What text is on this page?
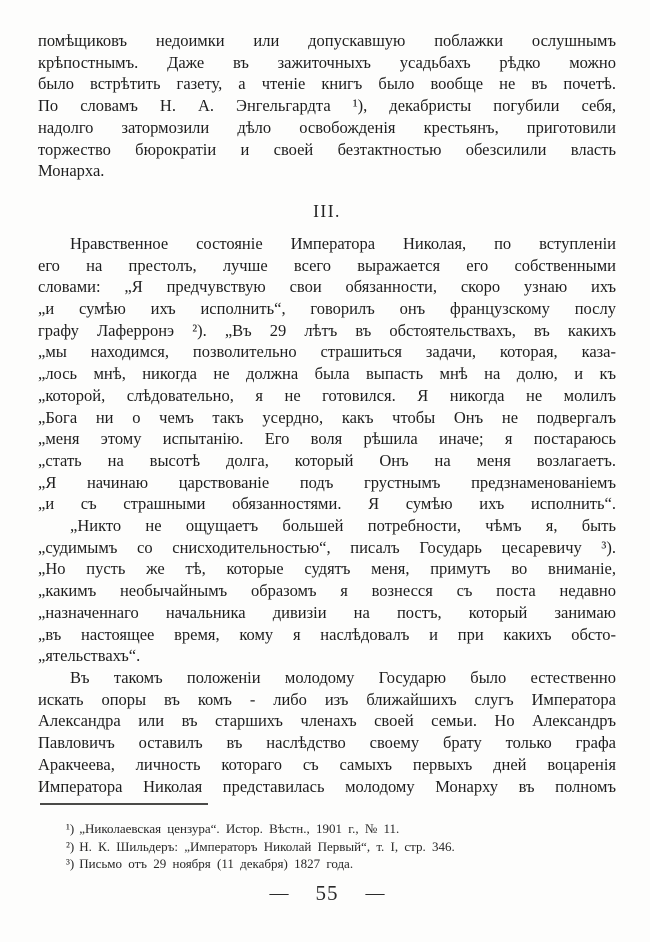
помѣщиковъ недоимки или допускавшую поблажки ослушнымъ
крѣпостнымъ. Даже въ зажиточныхъ усадьбахъ рѣдко можно
было встрѣтить газету, а чтеніе книгъ было вообще не въ почетѣ.
По словамъ Н. А. Энгельгардта ¹), декабристы погубили себя,
надолго затормозили дѣло освобожденія крестьянъ, приготовили
торжество бюрократіи и своей безтактностью обезсилили власть
Монарха.
III.
Нравственное состояніе Императора Николая, по вступленіи
его на престолъ, лучше всего выражается его собственными
словами: „Я предчувствую свои обязанности, скоро узнаю ихъ
„и сумѣю ихъ исполнить“, говорилъ онъ французскому послу
графу Лаферронэ ²). „Въ 29 лѣтъ въ обстоятельствахъ, въ какихъ
„мы находимся, позволительно страшиться задачи, которая, каза-
„лось мнѣ, никогда не должна была выпасть мнѣ на долю, и къ
„которой, слѣдовательно, я не готовился. Я никогда не молилъ
„Бога ни о чемъ такъ усердно, какъ чтобы Онъ не подвергалъ
„меня этому испытанію. Его воля рѣшила иначе; я постараюсь
„стать на высотѣ долга, который Онъ на меня возлагаетъ.
„Я начинаю царствованіе подъ грустнымъ предзнаменованіемъ
„и съ страшными обязанностями. Я сумѣю ихъ исполнить“.
„Никто не ощущаетъ большей потребности, чѣмъ я, быть
„судимымъ со снисходительностью“, писалъ Государь цесаревичу ³).
„Но пусть же тѣ, которые судятъ меня, примутъ во вниманіе,
„какимъ необычайнымъ образомъ я вознесся съ поста недавно
„назначеннаго начальника дивизіи на постъ, который занимаю
„въ настоящее время, кому я наслѣдовалъ и при какихъ обсто-
„ятельствахъ“.
Въ такомъ положеніи молодому Государю было естественно
искать опоры въ комъ - либо изъ ближайшихъ слугъ Императора
Александра или въ старшихъ членахъ своей семьи. Но Александръ
Павловичъ оставилъ въ наслѣдство своему брату только графа
Аракчеева, личность котораго съ самыхъ первыхъ дней воцаренія
Императора Николая представилась молодому Монарху въ полномъ
¹) „Николаевская цензура“. Истор. Вѣстн., 1901 г., № 11.
²) Н. К. Шильдеръ: „Императоръ Николай Первый“, т. I, стр. 346.
³) Письмо отъ 29 ноября (11 декабря) 1827 года.
— 55 —
